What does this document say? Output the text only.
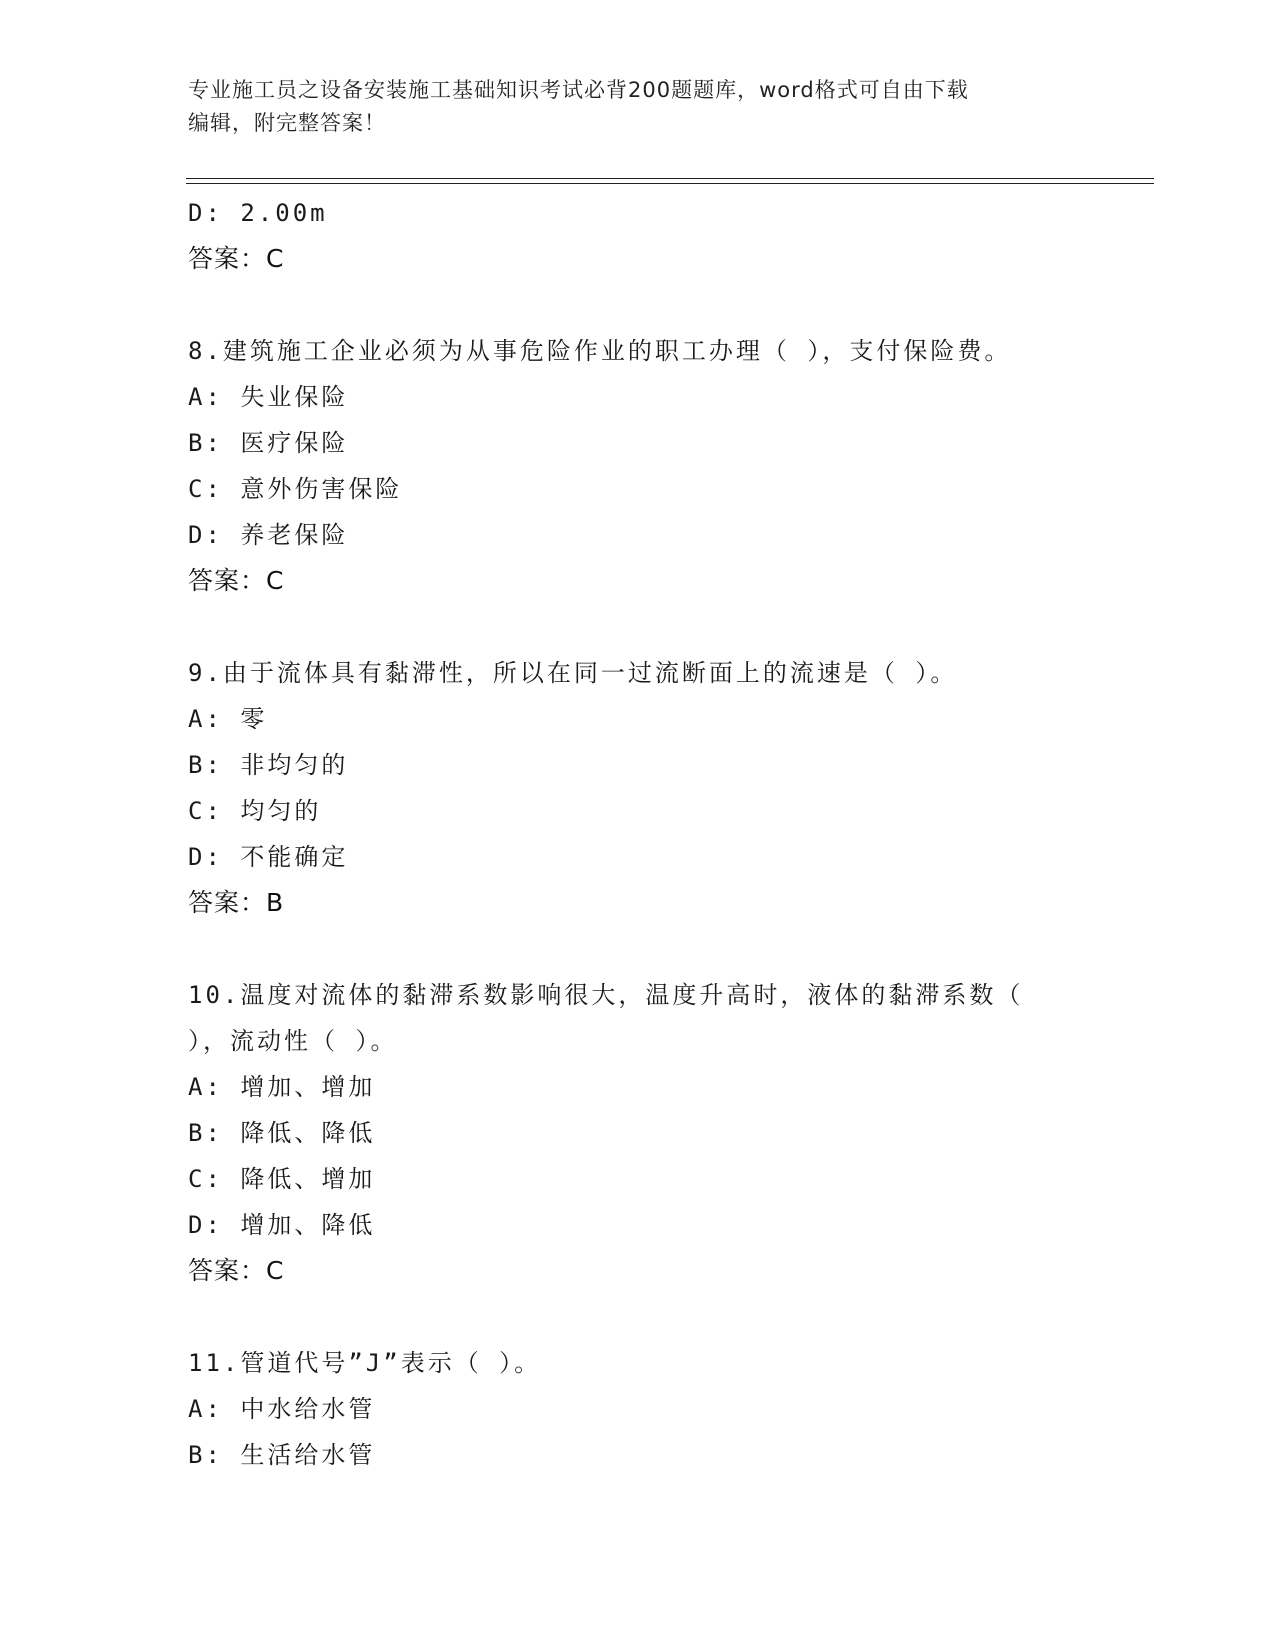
专业施工员之设备安装施工基础知识考试必背200题题库，word格式可自由下载
编辑，附完整答案！
D: 2.00m
答案：C
8.建筑施工企业必须为从事危险作业的职工办理（ ），支付保险费。
A: 失业保险
B: 医疗保险
C: 意外伤害保险
D: 养老保险
答案：C
9.由于流体具有黏滞性，所以在同一过流断面上的流速是（ ）。
A: 零
B: 非均匀的
C: 均匀的
D: 不能确定
答案：B
10.温度对流体的黏滞系数影响很大，温度升高时，液体的黏滞系数（
），流动性（ ）。
A: 增加、增加
B: 降低、降低
C: 降低、增加
D: 增加、降低
答案：C
11.管道代号”J”表示（ ）。
A: 中水给水管
B: 生活给水管
